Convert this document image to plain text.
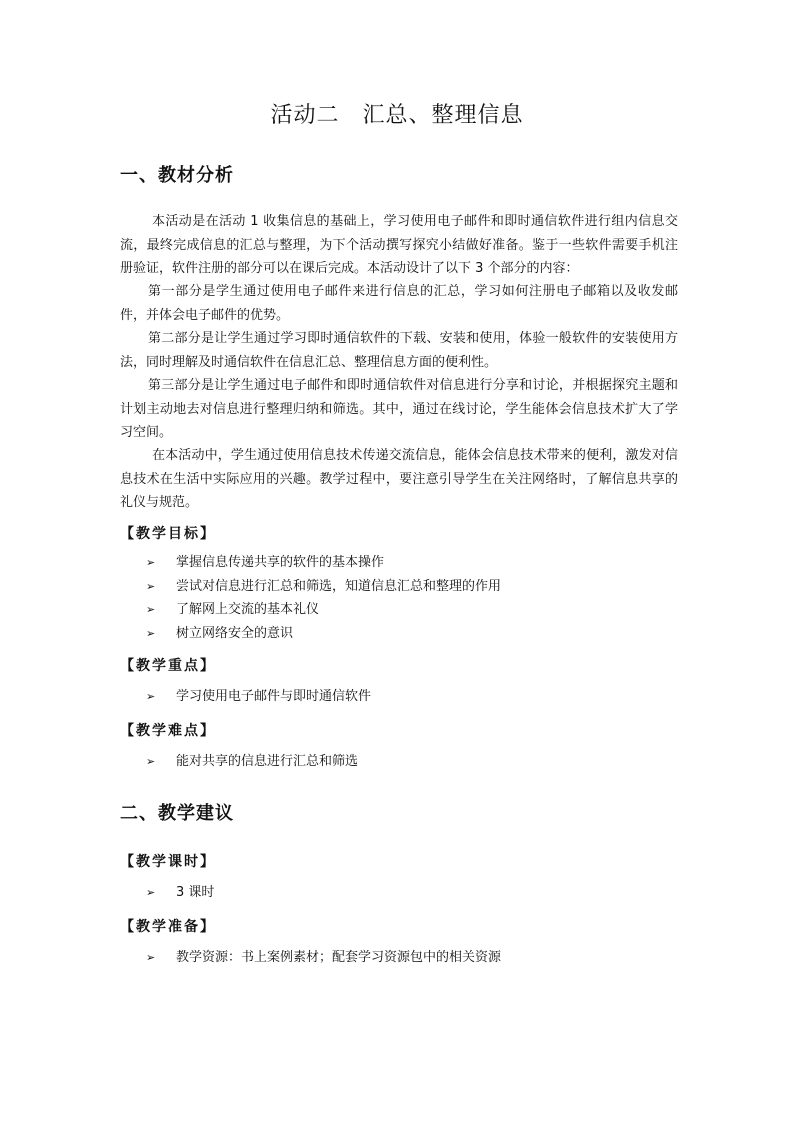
活动二　汇总、整理信息
一、教材分析
本活动是在活动 1 收集信息的基础上，学习使用电子邮件和即时通信软件进行组内信息交流，最终完成信息的汇总与整理，为下个活动撰写探究小结做好准备。鉴于一些软件需要手机注册验证，软件注册的部分可以在课后完成。本活动设计了以下 3 个部分的内容：
第一部分是学生通过使用电子邮件来进行信息的汇总，学习如何注册电子邮箱以及收发邮件，并体会电子邮件的优势。
第二部分是让学生通过学习即时通信软件的下载、安装和使用，体验一般软件的安装使用方法，同时理解及时通信软件在信息汇总、整理信息方面的便利性。
第三部分是让学生通过电子邮件和即时通信软件对信息进行分享和讨论，并根据探究主题和计划主动地去对信息进行整理归纳和筛选。其中，通过在线讨论，学生能体会信息技术扩大了学习空间。
在本活动中，学生通过使用信息技术传递交流信息，能体会信息技术带来的便利，激发对信息技术在生活中实际应用的兴趣。教学过程中，要注意引导学生在关注网络时，了解信息共享的礼仪与规范。
【教学目标】
➢	掌握信息传递共享的软件的基本操作
➢	尝试对信息进行汇总和筛选，知道信息汇总和整理的作用
➢	了解网上交流的基本礼仪
➢	树立网络安全的意识
【教学重点】
➢	学习使用电子邮件与即时通信软件
【教学难点】
➢	能对共享的信息进行汇总和筛选
二、教学建议
【教学课时】
➢	3 课时
【教学准备】
➢	教学资源：书上案例素材；配套学习资源包中的相关资源
